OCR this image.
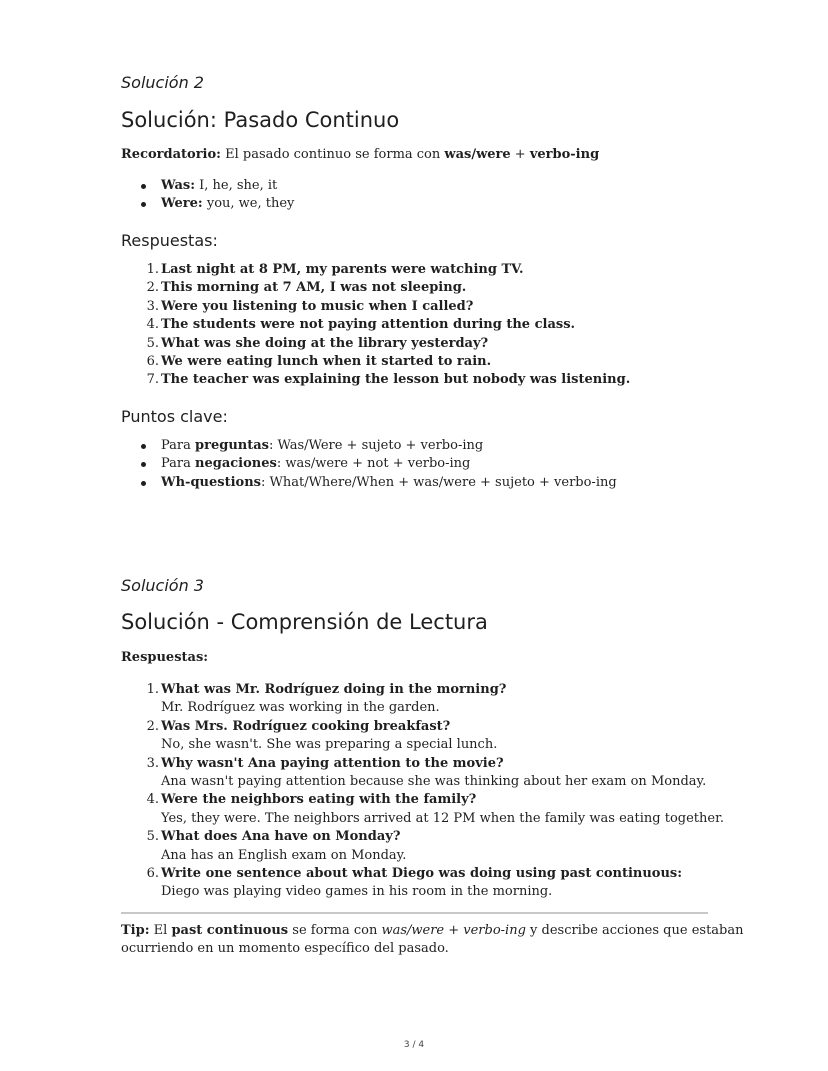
Solución 2
Solución: Pasado Continuo
Recordatorio: El pasado continuo se forma con was/were + verbo-ing
Was: I, he, she, it
Were: you, we, they
Respuestas:
1. Last night at 8 PM, my parents were watching TV.
2. This morning at 7 AM, I was not sleeping.
3. Were you listening to music when I called?
4. The students were not paying attention during the class.
5. What was she doing at the library yesterday?
6. We were eating lunch when it started to rain.
7. The teacher was explaining the lesson but nobody was listening.
Puntos clave:
Para preguntas: Was/Were + sujeto + verbo-ing
Para negaciones: was/were + not + verbo-ing
Wh-questions: What/Where/When + was/were + sujeto + verbo-ing
Solución 3
Solución - Comprensión de Lectura
Respuestas:
1. What was Mr. Rodríguez doing in the morning?
Mr. Rodríguez was working in the garden.
2. Was Mrs. Rodríguez cooking breakfast?
No, she wasn't. She was preparing a special lunch.
3. Why wasn't Ana paying attention to the movie?
Ana wasn't paying attention because she was thinking about her exam on Monday.
4. Were the neighbors eating with the family?
Yes, they were. The neighbors arrived at 12 PM when the family was eating together.
5. What does Ana have on Monday?
Ana has an English exam on Monday.
6. Write one sentence about what Diego was doing using past continuous:
Diego was playing video games in his room in the morning.
Tip: El past continuous se forma con was/were + verbo-ing y describe acciones que estaban
ocurriendo en un momento específico del pasado.
3 / 4
